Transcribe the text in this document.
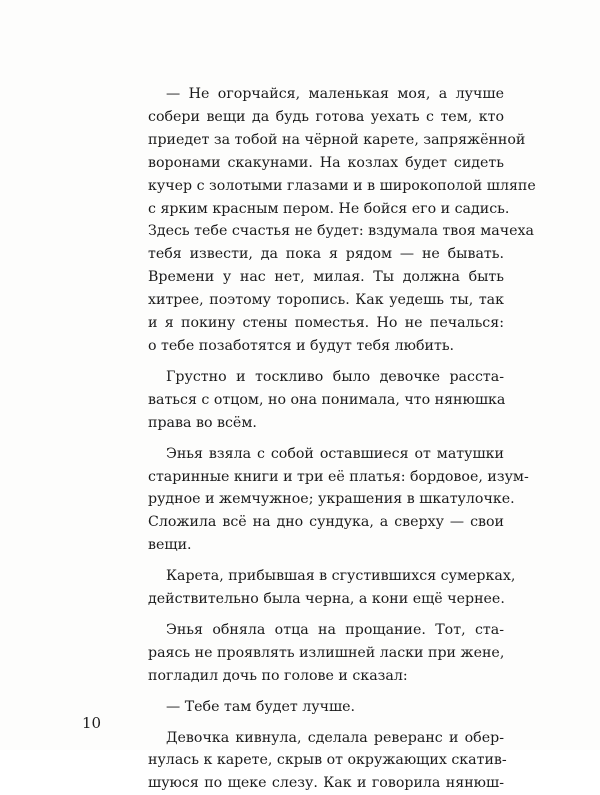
— Не огорчайся, маленькая моя, а лучше
собери вещи да будь готова уехать с тем, кто
приедет за тобой на чёрной карете, запряжённой
воронами скакунами. На козлах будет сидеть
кучер с золотыми глазами и в широкополой шляпе
с ярким красным пером. Не бойся его и садись.
Здесь тебе счастья не будет: вздумала твоя мачеха
тебя извести, да пока я рядом — не бывать.
Времени у нас нет, милая. Ты должна быть
хитрее, поэтому торопись. Как уедешь ты, так
и я покину стены поместья. Но не печалься:
о тебе позаботятся и будут тебя любить.
Грустно и тоскливо было девочке расста-
ваться с отцом, но она понимала, что нянюшка
права во всём.
Энья взяла с собой оставшиеся от матушки
старинные книги и три её платья: бордовое, изум-
рудное и жемчужное; украшения в шкатулочке.
Сложила всё на дно сундука, а сверху — свои
вещи.
Карета, прибывшая в сгустившихся сумерках,
действительно была черна, а кони ещё чернее.
Энья обняла отца на прощание. Тот, ста-
раясь не проявлять излишней ласки при жене,
погладил дочь по голове и сказал:
— Тебе там будет лучше.
Девочка кивнула, сделала реверанс и обер-
нулась к карете, скрыв от окружающих скатив-
шуюся по щеке слезу. Как и говорила нянюш-
10
